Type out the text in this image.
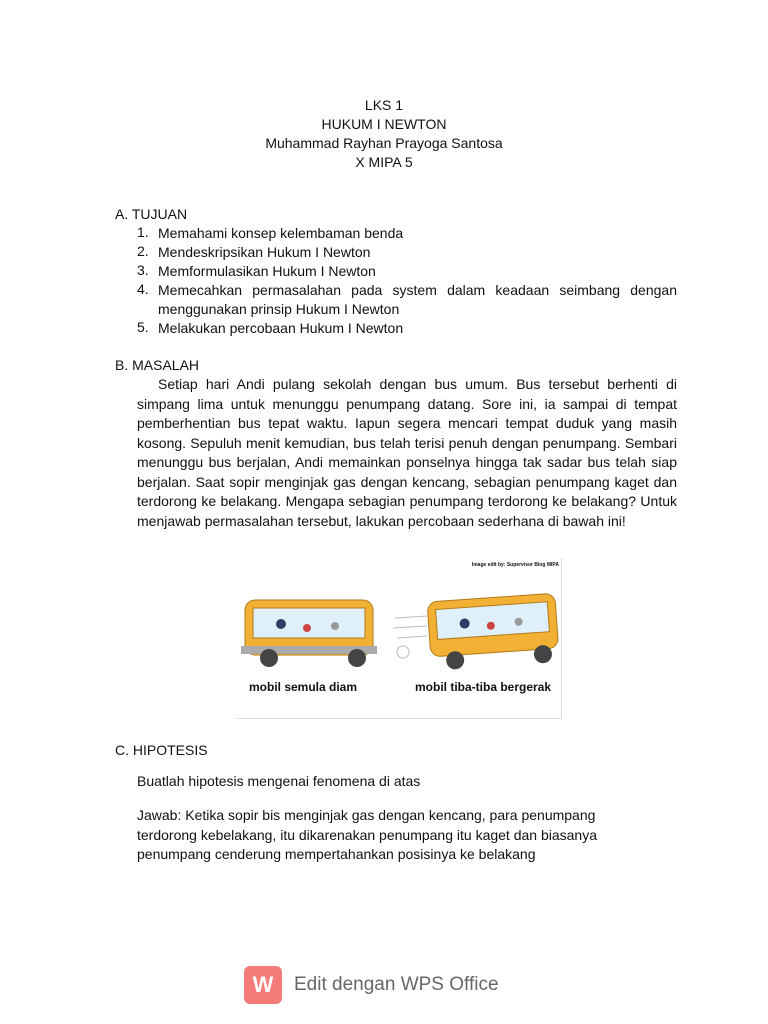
LKS 1
HUKUM I NEWTON
Muhammad Rayhan Prayoga Santosa
X MIPA 5
A. TUJUAN
1. Memahami konsep kelembaman benda
2. Mendeskripsikan Hukum I Newton
3. Memformulasikan Hukum I Newton
4. Memecahkan permasalahan pada system dalam keadaan seimbang dengan menggunakan prinsip Hukum I Newton
5. Melakukan percobaan Hukum I Newton
B. MASALAH
Setiap hari Andi pulang sekolah dengan bus umum. Bus tersebut berhenti di simpang lima untuk menunggu penumpang datang. Sore ini, ia sampai di tempat pemberhentian bus tepat waktu. Iapun segera mencari tempat duduk yang masih kosong. Sepuluh menit kemudian, bus telah terisi penuh dengan penumpang. Sembari menunggu bus berjalan, Andi memainkan ponselnya hingga tak sadar bus telah siap berjalan. Saat sopir menginjak gas dengan kencang, sebagian penumpang kaget dan terdorong ke belakang. Mengapa sebagian penumpang terdorong ke belakang? Untuk menjawab permasalahan tersebut, lakukan percobaan sederhana di bawah ini!
Image edit by: Supervisor Blog MIPA
mobil semula diam	mobil tiba-tiba bergerak
C. HIPOTESIS
Buatlah hipotesis mengenai fenomena di atas
Jawab: Ketika sopir bis menginjak gas dengan kencang, para penumpang terdorong kebelakang, itu dikarenakan penumpang itu kaget dan biasanya penumpang cenderung mempertahankan posisinya ke belakang
W	Edit dengan WPS Office
